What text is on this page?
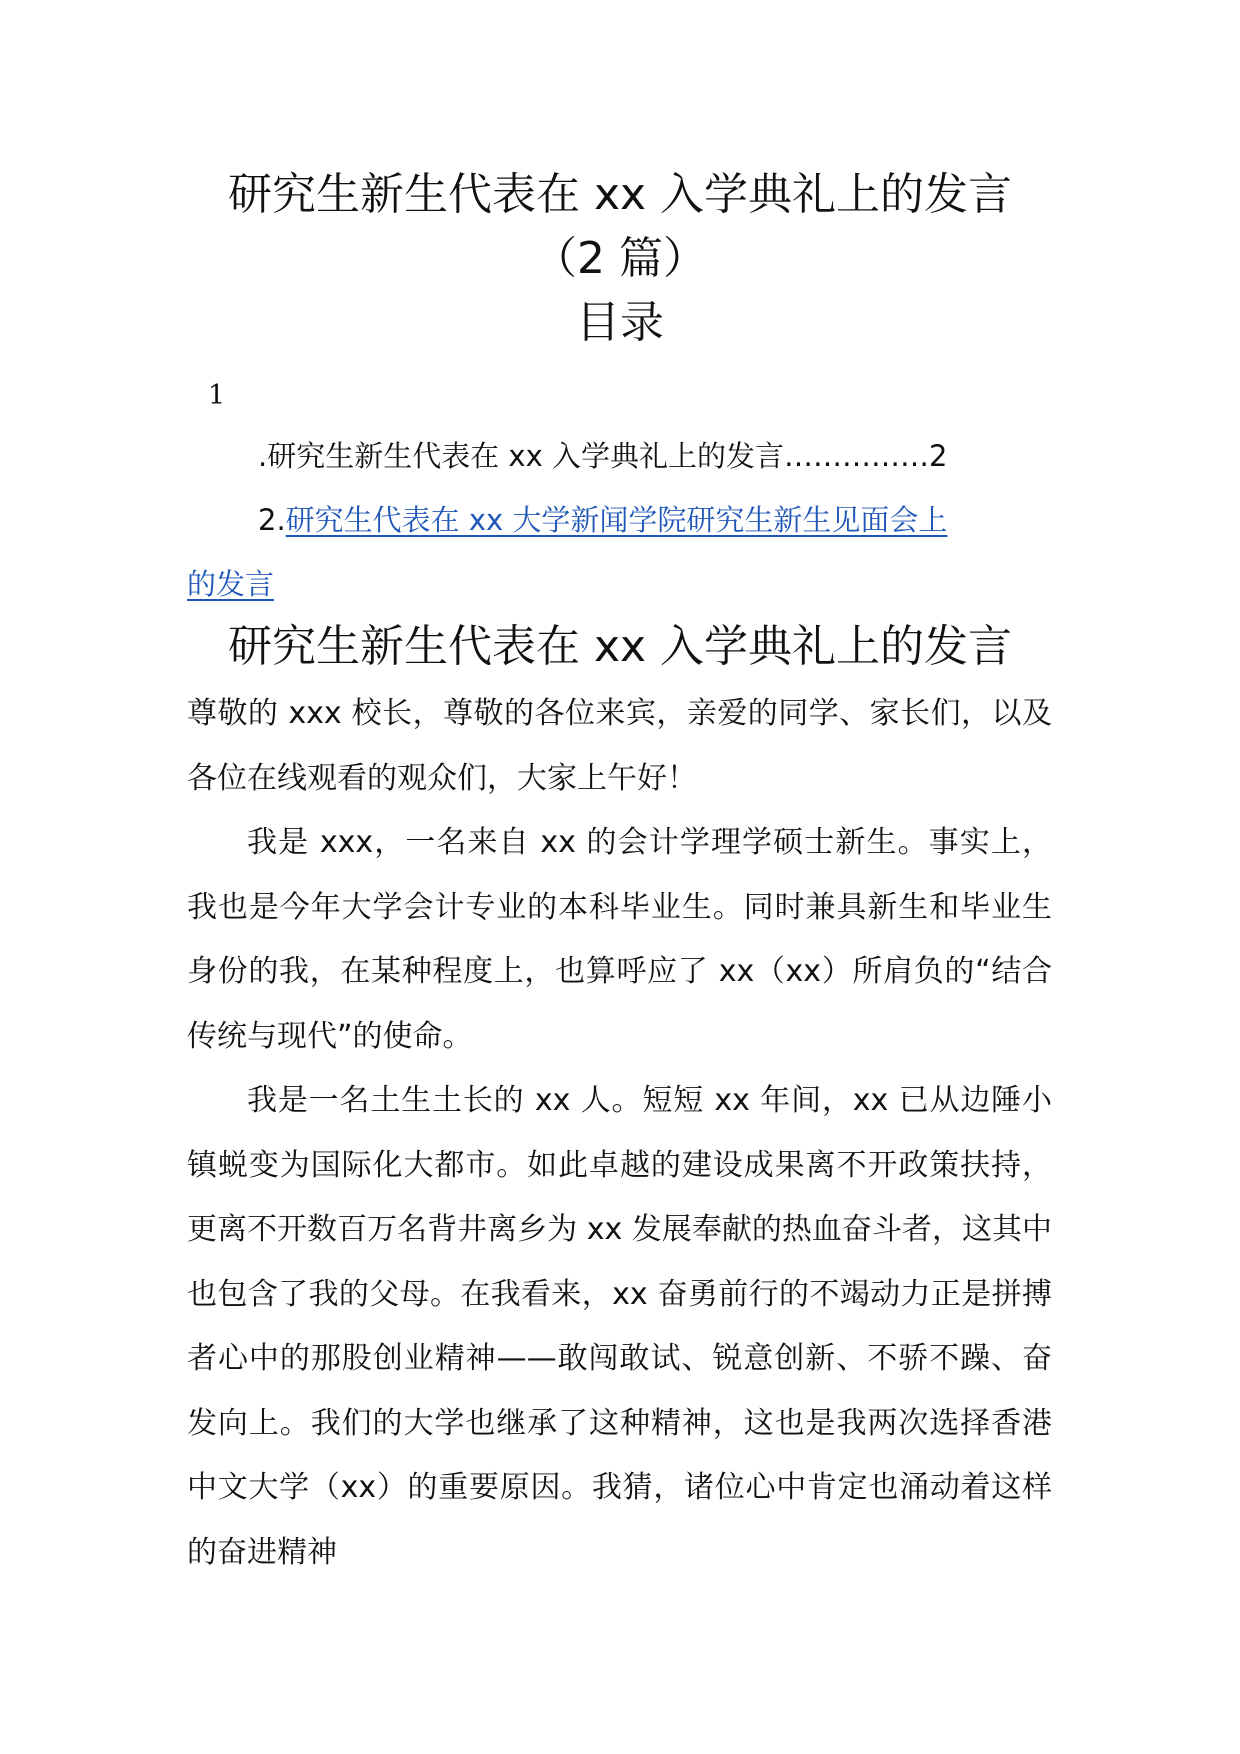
研究生新生代表在 xx 入学典礼上的发言
（2 篇）
目录
1
.研究生新生代表在 xx 入学典礼上的发言……………2
2.研究生代表在 xx 大学新闻学院研究生新生见面会上
的发言
研究生新生代表在 xx 入学典礼上的发言

尊敬的 xxx 校长，尊敬的各位来宾，亲爱的同学、家长们，以及各位在线观看的观众们，大家上午好！

我是 xxx，一名来自 xx 的会计学理学硕士新生。事实上，我也是今年大学会计专业的本科毕业生。同时兼具新生和毕业生身份的我，在某种程度上，也算呼应了 xx（xx）所肩负的“结合传统与现代”的使命。

我是一名土生土长的 xx 人。短短 xx 年间，xx 已从边陲小镇蜕变为国际化大都市。如此卓越的建设成果离不开政策扶持，更离不开数百万名背井离乡为 xx 发展奉献的热血奋斗者，这其中也包含了我的父母。在我看来，xx 奋勇前行的不竭动力正是拼搏者心中的那股创业精神——敢闯敢试、锐意创新、不骄不躁、奋发向上。我们的大学也继承了这种精神，这也是我两次选择香港中文大学（xx）的重要原因。我猜，诸位心中肯定也涌动着这样的奋进精神
